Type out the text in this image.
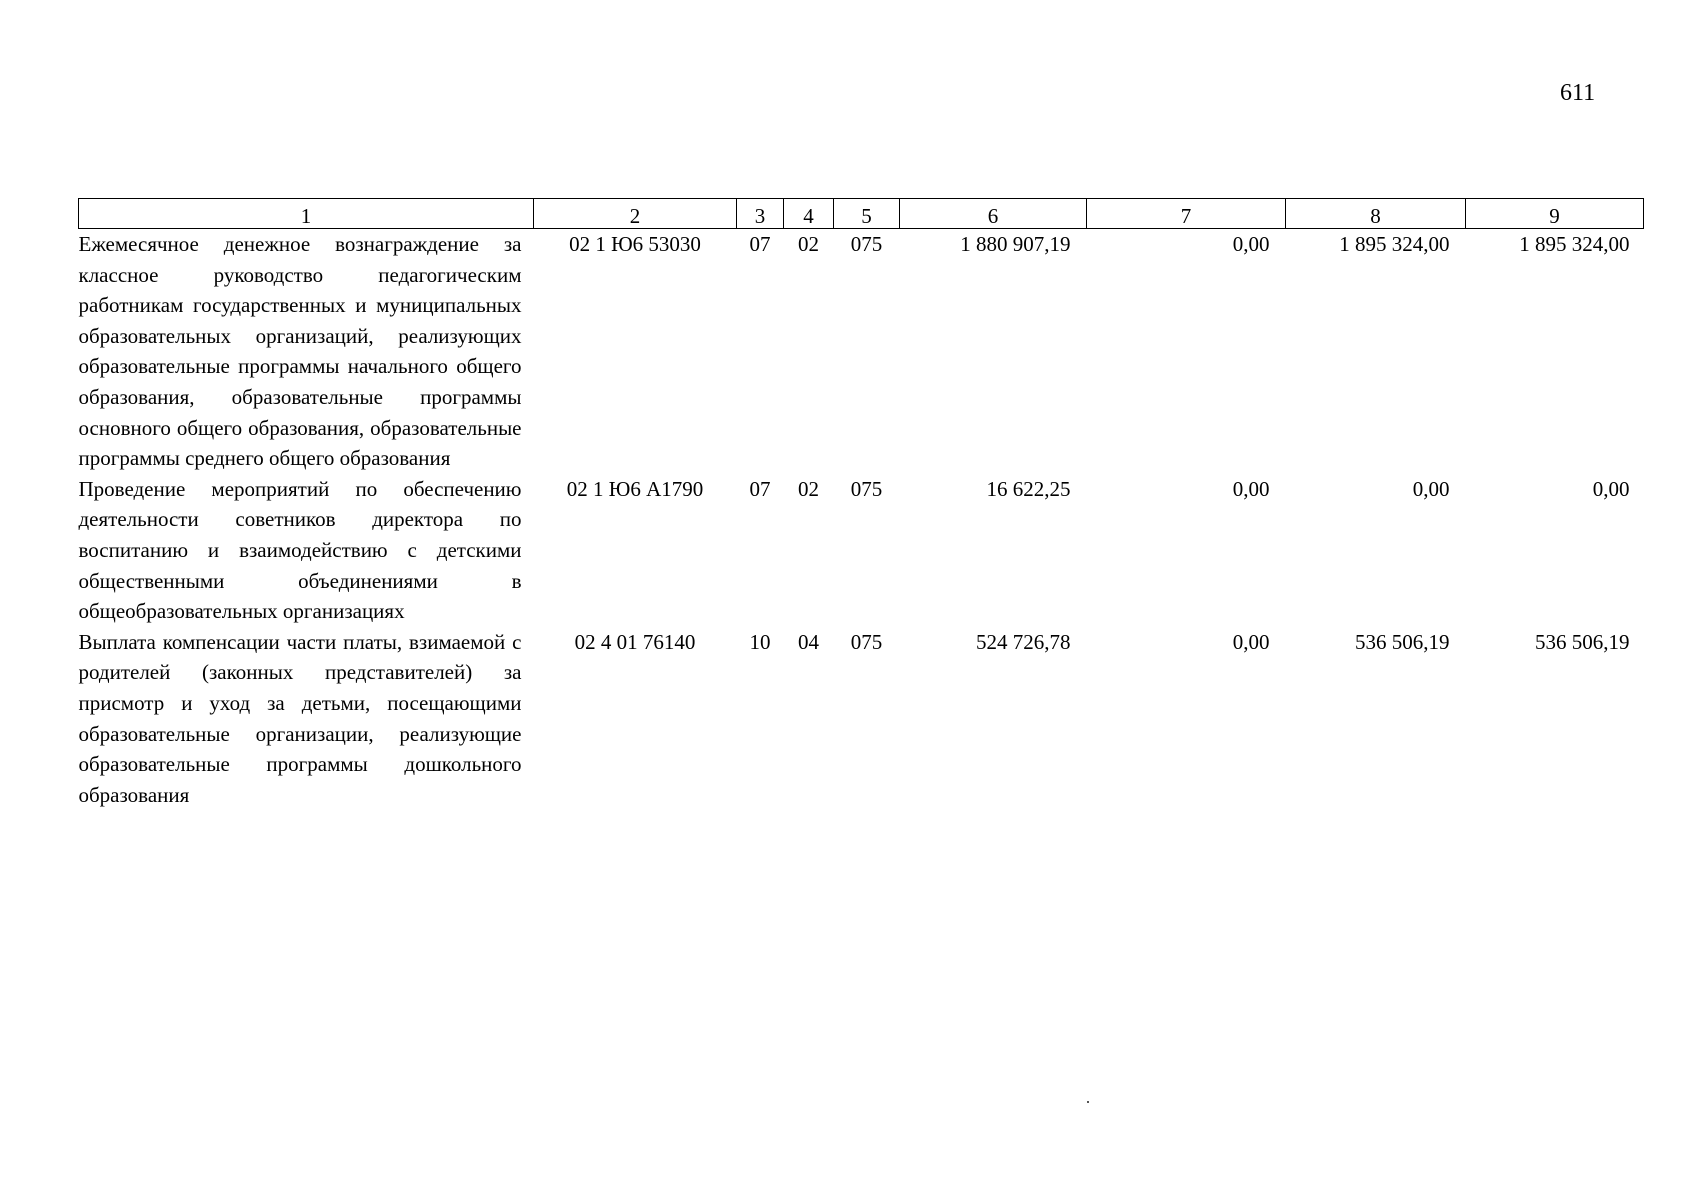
611
1	2	3	4	5	6	7	8	9
Ежемесячное денежное вознаграждение за классное руководство педагогическим работникам государственных и муниципальных образовательных организаций, реализующих образовательные программы начального общего образования, образовательные программы основного общего образования, образовательные программы среднего общего образования	02 1 Ю6 53030	07	02	075	1 880 907,19	0,00	1 895 324,00	1 895 324,00
Проведение мероприятий по обеспечению деятельности советников директора по воспитанию и взаимодействию с детскими общественными объединениями в общеобразовательных организациях	02 1 Ю6 А1790	07	02	075	16 622,25	0,00	0,00	0,00
Выплата компенсации части платы, взимаемой с родителей (законных представителей) за присмотр и уход за детьми, посещающими образовательные организации, реализующие образовательные программы дошкольного образования	02 4 01 76140	10	04	075	524 726,78	0,00	536 506,19	536 506,19
